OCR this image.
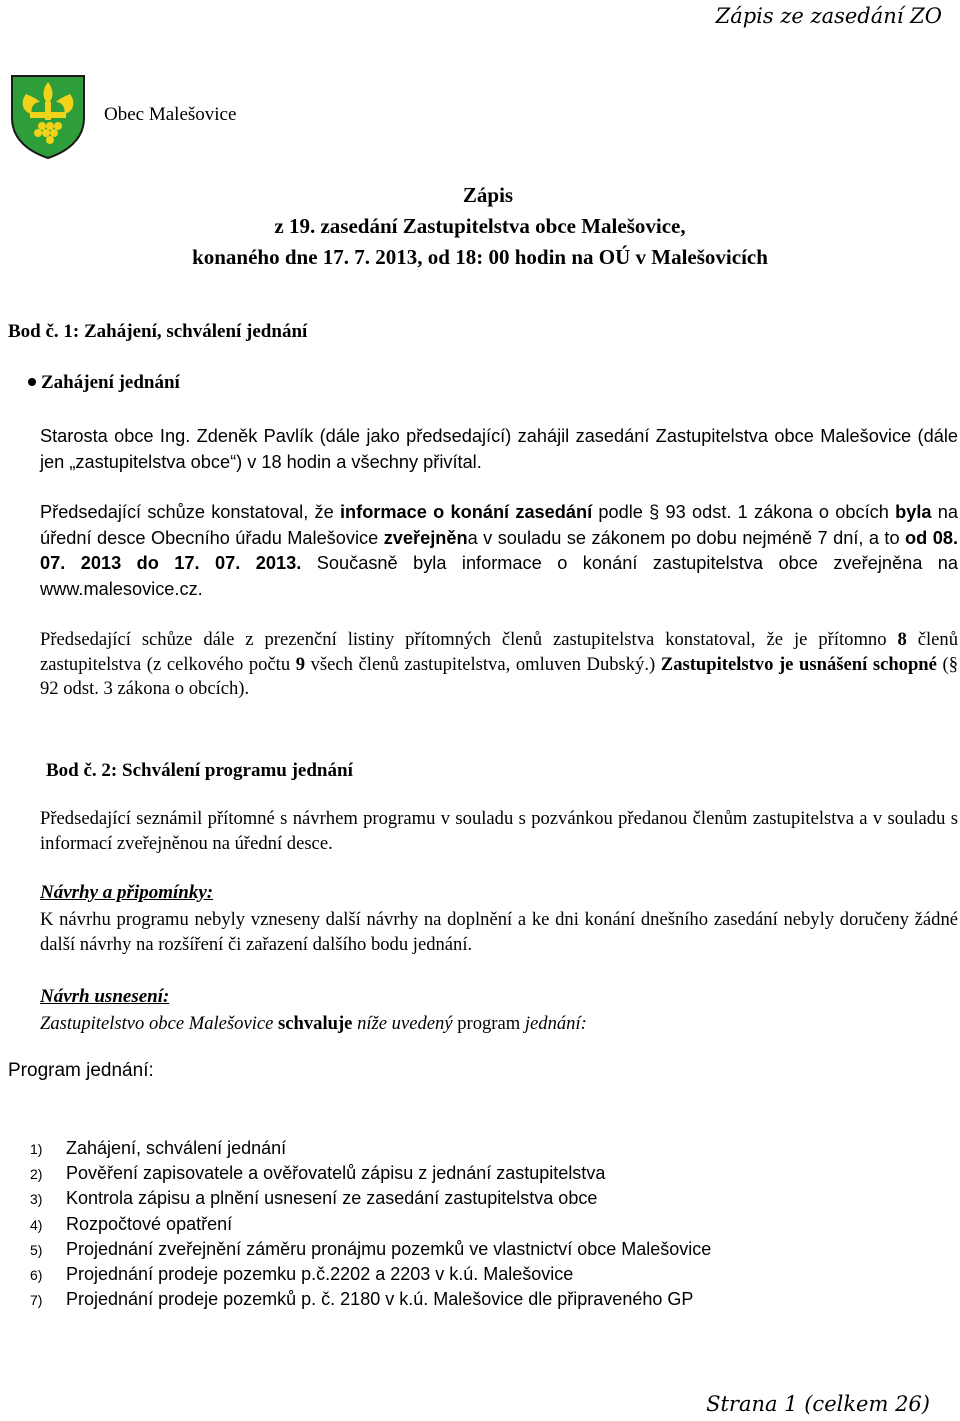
Zápis ze zasedání ZO
Obec Malešovice
Zápis
z 19. zasedání Zastupitelstva obce Malešovice,
konaného dne 17. 7. 2013, od 18: 00 hodin na OÚ v Malešovicích
Bod č. 1: Zahájení, schválení jednání
Zahájení jednání
Starosta obce Ing. Zdeněk Pavlík (dále jako předsedající) zahájil zasedání Zastupitelstva obce Malešovice (dále jen „zastupitelstva obce“) v 18 hodin a všechny přivítal.
Předsedající schůze konstatoval, že informace o konání zasedání podle § 93 odst. 1 zákona o obcích byla na úřední desce Obecního úřadu Malešovice zveřejněna v souladu se zákonem po dobu nejméně 7 dní, a to od 08. 07. 2013 do 17. 07. 2013. Současně byla informace o konání zastupitelstva obce zveřejněna na www.malesovice.cz.
Předsedající schůze dále z prezenční listiny přítomných členů zastupitelstva konstatoval, že je přítomno 8 členů zastupitelstva (z celkového počtu 9 všech členů zastupitelstva, omluven Dubský.) Zastupitelstvo je usnášení schopné (§ 92 odst. 3 zákona o obcích).
Bod č. 2: Schválení programu jednání
Předsedající seznámil přítomné s návrhem programu v souladu s pozvánkou předanou členům zastupitelstva a v souladu s informací zveřejněnou na úřední desce.
Návrhy a připomínky:
K návrhu programu nebyly vzneseny další návrhy na doplnění a ke dni konání dnešního zasedání nebyly doručeny žádné další návrhy na rozšíření či zařazení dalšího bodu jednání.
Návrh usnesení:
Zastupitelstvo obce Malešovice schvaluje níže uvedený program jednání:
Program jednání:
1) Zahájení, schválení jednání
2) Pověření zapisovatele a ověřovatelů zápisu z jednání zastupitelstva
3) Kontrola zápisu a plnění usnesení ze zasedání zastupitelstva obce
4) Rozpočtové opatření
5) Projednání zveřejnění záměru pronájmu pozemků ve vlastnictví obce Malešovice
6) Projednání prodeje pozemku p.č.2202 a 2203 v k.ú. Malešovice
7) Projednání prodeje pozemků p. č. 2180 v k.ú. Malešovice dle připraveného GP
Strana 1 (celkem 26)
